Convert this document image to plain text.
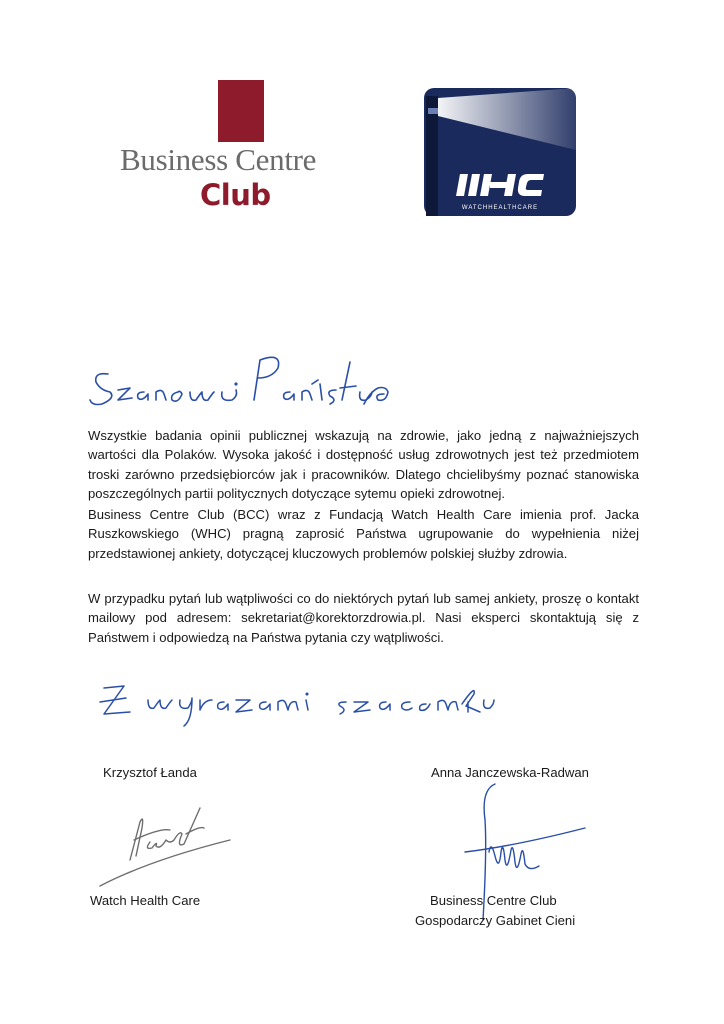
Business Centre
Club	WATCHHEALTHCARE
Wszystkie badania opinii publicznej wskazują na zdrowie, jako jedną z najważniejszych wartości dla Polaków. Wysoka jakość i dostępność usług zdrowotnych jest też przedmiotem troski zarówno przedsiębiorców jak i pracowników. Dlatego chcielibyśmy poznać stanowiska poszczególnych partii politycznych dotyczące sytemu opieki zdrowotnej.
Business Centre Club (BCC) wraz z Fundacją Watch Health Care imienia prof. Jacka Ruszkowskiego (WHC) pragną zaprosić Państwa ugrupowanie do wypełnienia niżej przedstawionej ankiety, dotyczącej kluczowych problemów polskiej służby zdrowia.
W przypadku pytań lub wątpliwości co do niektórych pytań lub samej ankiety, proszę o kontakt mailowy pod adresem: sekretariat@korektorzdrowia.pl. Nasi eksperci skontaktują się z Państwem i odpowiedzą na Państwa pytania czy wątpliwości.
Krzysztof Łanda	Anna Janczewska-Radwan
Watch Health Care	Business Centre Club
Gospodarczy Gabinet Cieni
